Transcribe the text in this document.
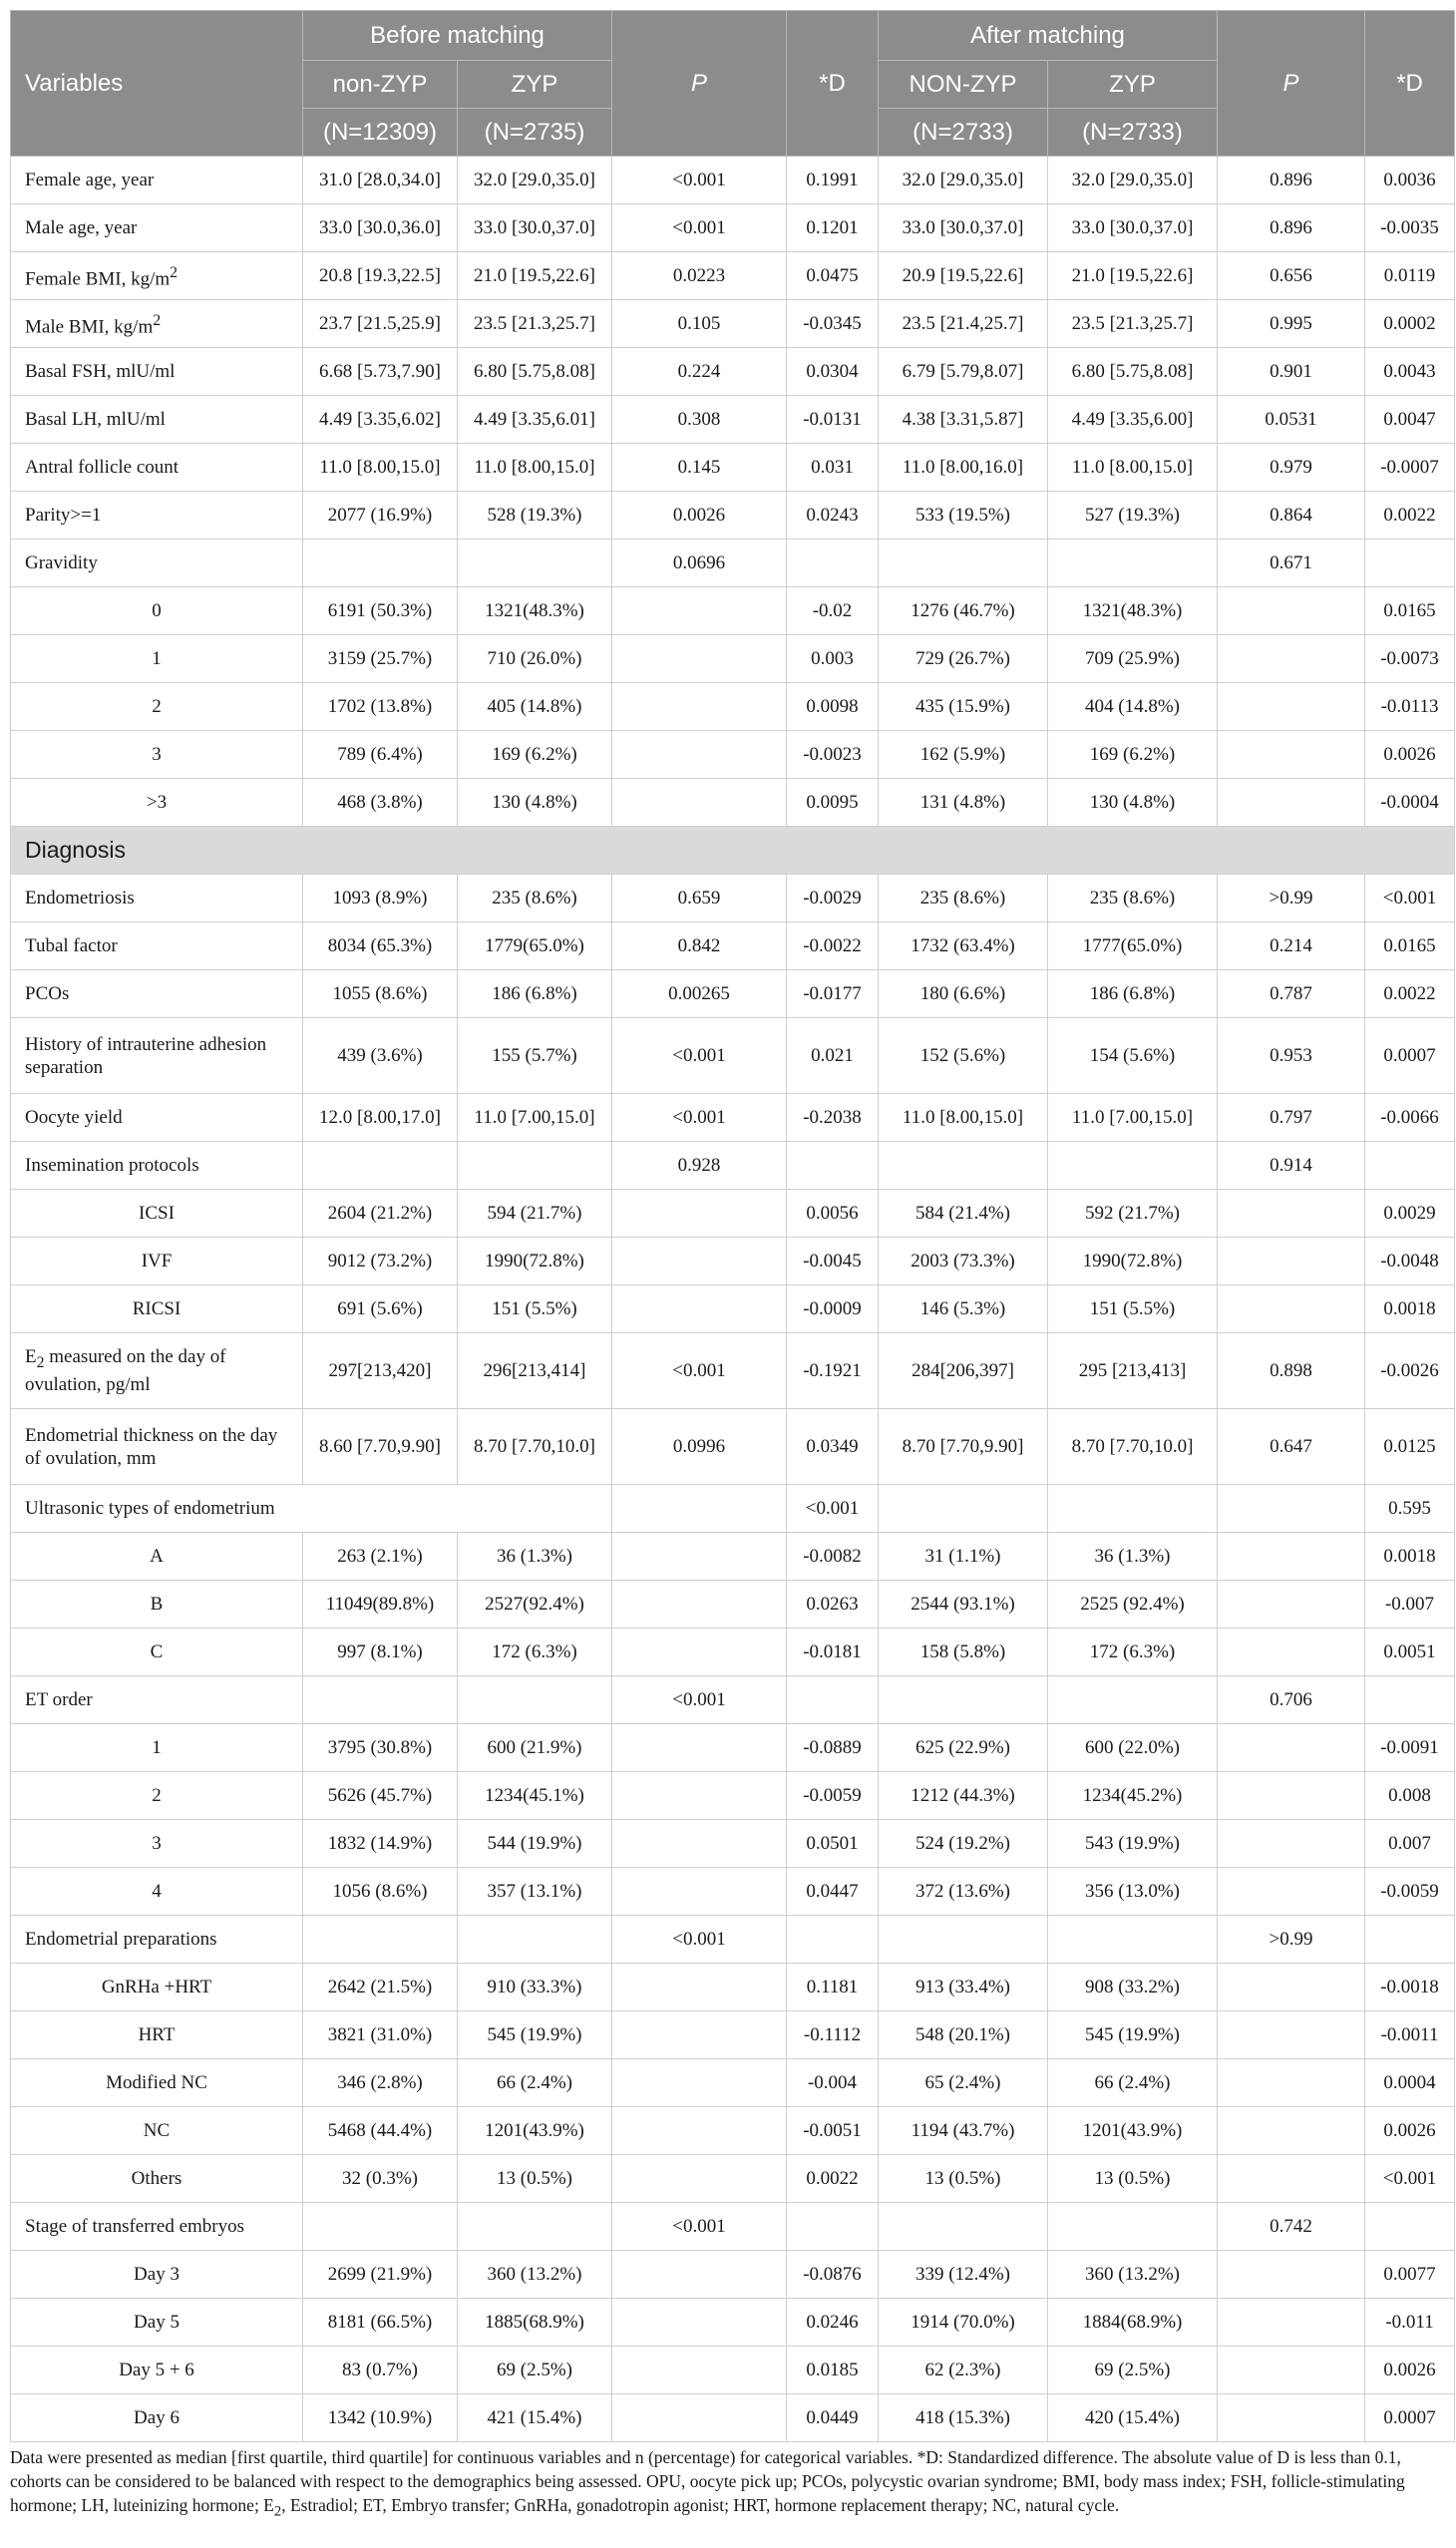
Variables	Before matching		P	*D	After matching		P	*D	
	non-ZYP	ZYP			NON-ZYP	ZYP			
	(N=12309)	(N=2735)			(N=2733)	(N=2733)			
Female age, year	31.0 [28.0,34.0]	32.0 [29.0,35.0]	<0.001	0.1991	32.0 [29.0,35.0]	32.0 [29.0,35.0]	0.896	0.0036	
Male age, year	33.0 [30.0,36.0]	33.0 [30.0,37.0]	<0.001	0.1201	33.0 [30.0,37.0]	33.0 [30.0,37.0]	0.896	-0.0035	
Female BMI, $kg/m^2$	20.8 [19.3,22.5]	21.0 [19.5,22.6]	0.0223	0.0475	20.9 [19.5,22.6]	21.0 [19.5,22.6]	0.656	0.0119	
Male BMI, $kg/m^2$	23.7 [21.5,25.9]	23.5 [21.3,25.7]	0.105	-0.0345	23.5 [21.4,25.7]	23.5 [21.3,25.7]	0.995	0.0002	
Basal FSH, mlU/ml	6.68 [5.73,7.90]	6.80 [5.75,8.08]	0.224	0.0304	6.79 [5.79,8.07]	6.80 [5.75,8.08]	0.901	0.0043	
Basal LH, mlU/ml	4.49 [3.35,6.02]	4.49 [3.35,6.01]	0.308	-0.0131	4.38 [3.31,5.87]	4.49 [3.35,6.00]	0.0531	0.0047	
Antral follicle count	11.0 [8.00,15.0]	11.0 [8.00,15.0]	0.145	0.031	11.0 [8.00,16.0]	11.0 [8.00,15.0]	0.979	-0.0007	
Parity>=1	2077 (16.9%)	528 (19.3%)	0.0026	0.0243	533 (19.5%)	527 (19.3%)	0.864	0.0022	
Gravidity			0.0696				0.671		
0	6191 (50.3%)	1321(48.3%)		-0.02	1276 (46.7%)	1321(48.3%)		0.0165	
1	3159 (25.7%)	710 (26.0%)		0.003	729 (26.7%)	709 (25.9%)		-0.0073	
2	1702 (13.8%)	405 (14.8%)		0.0098	435 (15.9%)	404 (14.8%)		-0.0113	
3	789 (6.4%)	169 (6.2%)		-0.0023	162 (5.9%)	169 (6.2%)		0.0026	
>3	468 (3.8%)	130 (4.8%)		0.0095	131 (4.8%)	130 (4.8%)		-0.0004	
Diagnosis									
Endometriosis	1093 (8.9%)	235 (8.6%)	0.659	-0.0029	235 (8.6%)	235 (8.6%)	>0.99	<0.001	
Tubal factor	8034 (65.3%)	1779(65.0%)	0.842	-0.0022	1732 (63.4%)	1777(65.0%)	0.214	0.0165	
PCOs	1055 (8.6%)	186 (6.8%)	0.00265	-0.0177	180 (6.6%)	186 (6.8%)	0.787	0.0022	
History of intrauterine adhesion separation	439 (3.6%)	155 (5.7%)	<0.001	0.021	152 (5.6%)	154 (5.6%)	0.953	0.0007	
Oocyte yield	12.0 [8.00,17.0]	11.0 [7.00,15.0]	<0.001	-0.2038	11.0 [8.00,15.0]	11.0 [7.00,15.0]	0.797	-0.0066	
Insemination protocols			0.928				0.914		
ICSI	2604 (21.2%)	594 (21.7%)		0.0056	584 (21.4%)	592 (21.7%)		0.0029	
IVF	9012 (73.2%)	1990(72.8%)		-0.0045	2003 (73.3%)	1990(72.8%)		-0.0048	
RICSI	691 (5.6%)	151 (5.5%)		-0.0009	146 (5.3%)	151 (5.5%)		0.0018	
$E_2$ measured on the day of ovulation, pg/ml	297[213,420]	296[213,414]	<0.001	-0.1921	284[206,397]	295 [213,413]	0.898	-0.0026	
Endometrial thickness on the day of ovulation, mm	8.60 [7.70,9.90]	8.70 [7.70,10.0]	0.0996	0.0349	8.70 [7.70,9.90]	8.70 [7.70,10.0]	0.647	0.0125	
Ultrasonic types of endometrium				<0.001				0.595	
A	263 (2.1%)	36 (1.3%)		-0.0082	31 (1.1%)	36 (1.3%)		0.0018	
B	11049(89.8%)	2527(92.4%)		0.0263	2544 (93.1%)	2525 (92.4%)		-0.007	
C	997 (8.1%)	172 (6.3%)		-0.0181	158 (5.8%)	172 (6.3%)		0.0051	
ET order			<0.001				0.706		
1	3795 (30.8%)	600 (21.9%)		-0.0889	625 (22.9%)	600 (22.0%)		-0.0091	
2	5626 (45.7%)	1234(45.1%)		-0.0059	1212 (44.3%)	1234(45.2%)		0.008	
3	1832 (14.9%)	544 (19.9%)		0.0501	524 (19.2%)	543 (19.9%)		0.007	
4	1056 (8.6%)	357 (13.1%)		0.0447	372 (13.6%)	356 (13.0%)		-0.0059	
Endometrial preparations			<0.001				>0.99		
GnRHa +HRT	2642 (21.5%)	910 (33.3%)		0.1181	913 (33.4%)	908 (33.2%)		-0.0018	
HRT	3821 (31.0%)	545 (19.9%)		-0.1112	548 (20.1%)	545 (19.9%)		-0.0011	
Modified NC	346 (2.8%)	66 (2.4%)		-0.004	65 (2.4%)	66 (2.4%)		0.0004	
NC	5468 (44.4%)	1201(43.9%)		-0.0051	1194 (43.7%)	1201(43.9%)		0.0026	
Others	32 (0.3%)	13 (0.5%)		0.0022	13 (0.5%)	13 (0.5%)		<0.001	
Stage of transferred embryos			<0.001				0.742		
Day 3	2699 (21.9%)	360 (13.2%)		-0.0876	339 (12.4%)	360 (13.2%)		0.0077	
Day 5	8181 (66.5%)	1885(68.9%)		0.0246	1914 (70.0%)	1884(68.9%)		-0.011	
Day 5 + 6	83 (0.7%)	69 (2.5%)		0.0185	62 (2.3%)	69 (2.5%)		0.0026	
Day 6	1342 (10.9%)	421 (15.4%)		0.0449	418 (15.3%)	420 (15.4%)		0.0007	
Data were presented as median [first quartile, third quartile] for continuous variables and n (percentage) for categorical variables. *D: Standardized difference. The absolute value of D is less than 0.1, cohorts can be considered to be balanced with respect to the demographics being assessed. OPU, oocyte pick up; PCOs, polycystic ovarian syndrome; BMI, body mass index; FSH, follicle-stimulating hormone; LH, luteinizing hormone; $E_2$, Estradiol; ET, Embryo transfer; GnRHa, gonadotropin agonist; HRT, hormone replacement therapy; NC, natural cycle.
